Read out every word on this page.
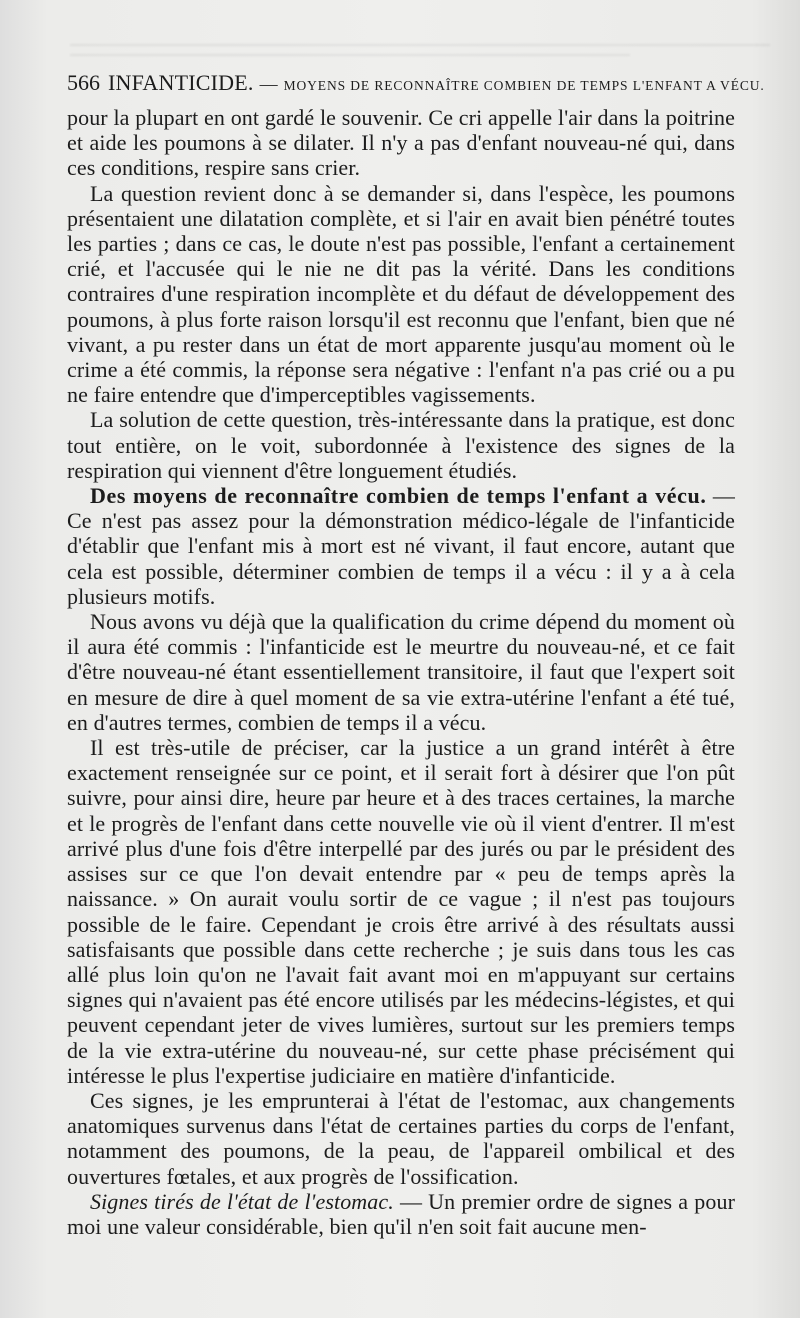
566 INFANTICIDE. — MOYENS DE RECONNAÎTRE COMBIEN DE TEMPS L'ENFANT A VÉCU.

pour la plupart en ont gardé le souvenir. Ce cri appelle l'air dans la poitrine et aide les poumons à se dilater. Il n'y a pas d'enfant nouveau-né qui, dans ces conditions, respire sans crier.

La question revient donc à se demander si, dans l'espèce, les poumons présentaient une dilatation complète, et si l'air en avait bien pénétré toutes les parties ; dans ce cas, le doute n'est pas possible, l'enfant a certainement crié, et l'accusée qui le nie ne dit pas la vérité. Dans les conditions contraires d'une respiration incomplète et du défaut de développement des poumons, à plus forte raison lorsqu'il est reconnu que l'enfant, bien que né vivant, a pu rester dans un état de mort apparente jusqu'au moment où le crime a été commis, la réponse sera négative : l'enfant n'a pas crié ou a pu ne faire entendre que d'imperceptibles vagissements.

La solution de cette question, très-intéressante dans la pratique, est donc tout entière, on le voit, subordonnée à l'existence des signes de la respiration qui viennent d'être longuement étudiés.

Des moyens de reconnaître combien de temps l'enfant a vécu. — Ce n'est pas assez pour la démonstration médico-légale de l'infanticide d'établir que l'enfant mis à mort est né vivant, il faut encore, autant que cela est possible, déterminer combien de temps il a vécu : il y a à cela plusieurs motifs.

Nous avons vu déjà que la qualification du crime dépend du moment où il aura été commis : l'infanticide est le meurtre du nouveau-né, et ce fait d'être nouveau-né étant essentiellement transitoire, il faut que l'expert soit en mesure de dire à quel moment de sa vie extra-utérine l'enfant a été tué, en d'autres termes, combien de temps il a vécu.

Il est très-utile de préciser, car la justice a un grand intérêt à être exactement renseignée sur ce point, et il serait fort à désirer que l'on pût suivre, pour ainsi dire, heure par heure et à des traces certaines, la marche et le progrès de l'enfant dans cette nouvelle vie où il vient d'entrer. Il m'est arrivé plus d'une fois d'être interpellé par des jurés ou par le président des assises sur ce que l'on devait entendre par « peu de temps après la naissance. » On aurait voulu sortir de ce vague ; il n'est pas toujours possible de le faire. Cependant je crois être arrivé à des résultats aussi satisfaisants que possible dans cette recherche ; je suis dans tous les cas allé plus loin qu'on ne l'avait fait avant moi en m'appuyant sur certains signes qui n'avaient pas été encore utilisés par les médecins-légistes, et qui peuvent cependant jeter de vives lumières, surtout sur les premiers temps de la vie extra-utérine du nouveau-né, sur cette phase précisément qui intéresse le plus l'expertise judiciaire en matière d'infanticide.

Ces signes, je les emprunterai à l'état de l'estomac, aux changements anatomiques survenus dans l'état de certaines parties du corps de l'enfant, notamment des poumons, de la peau, de l'appareil ombilical et des ouvertures fœtales, et aux progrès de l'ossification.

Signes tirés de l'état de l'estomac. — Un premier ordre de signes a pour moi une valeur considérable, bien qu'il n'en soit fait aucune men-
